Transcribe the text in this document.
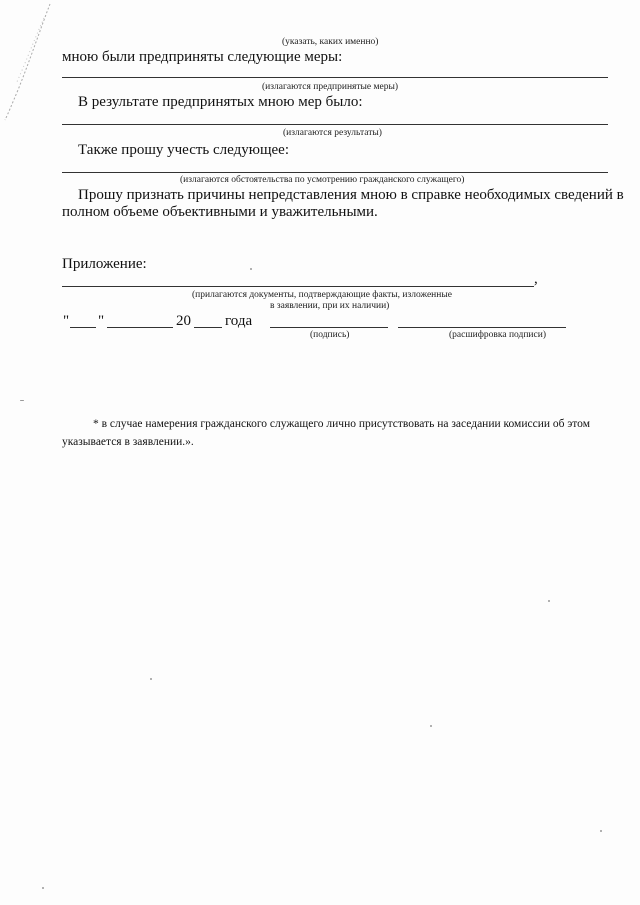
(указать, каких именно)
мною были предприняты следующие меры:
(излагаются предпринятые меры)
В результате предпринятых мною мер было:
(излагаются результаты)
Также прошу учесть следующее:
(излагаются обстоятельства по усмотрению гражданского служащего)
Прошу признать причины непредставления мною в справке необходимых сведений в
полном объеме объективными и уважительными.
Приложение:
,
(прилагаются документы, подтверждающие факты, изложенные
в заявлении, при их наличии)
" "	20 года
(подпись)	(расшифровка подписи)
* в случае намерения гражданского служащего лично присутствовать на заседании комиссии об этом
указывается в заявлении.».
